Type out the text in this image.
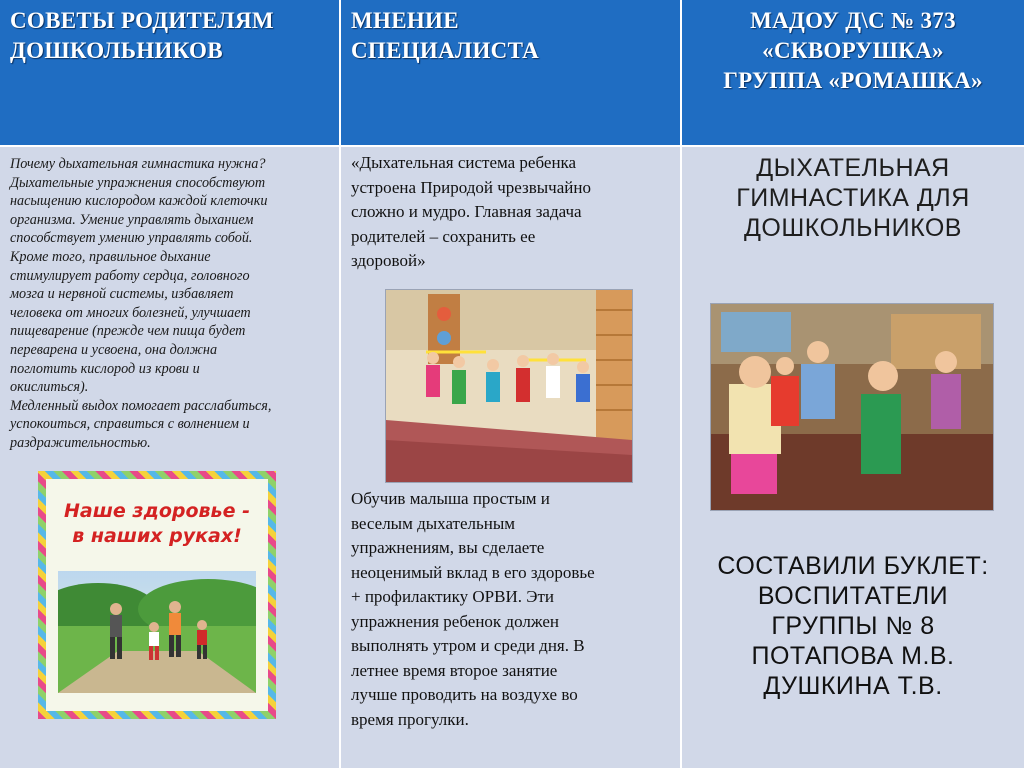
СОВЕТЫ РОДИТЕЛЯМ
ДОШКОЛЬНИКОВ
МНЕНИЕ
СПЕЦИАЛИСТА
МАДОУ Д\С № 373
«СКВОРУШКА»
ГРУППА «РОМАШКА»
Почему дыхательная гимнастика нужна?
Дыхательные упражнения способствуют
насыщению кислородом каждой клеточки
организма. Умение управлять дыханием
способствует умению управлять собой.
Кроме того, правильное дыхание
стимулирует работу сердца, головного
мозга и нервной системы, избавляет
человека от многих болезней, улучшает
пищеварение (прежде чем пища будет
переварена и усвоена, она должна
поглотить кислород из крови и
окислиться).
Медленный выдох помогает расслабиться,
успокоиться, справиться с волнением и
раздражительностью.
Наше здоровье -
в наших руках!
«Дыхательная система ребенка
устроена Природой чрезвычайно
сложно и мудро. Главная задача
родителей – сохранить ее
здоровой»
Обучив малыша простым и
веселым дыхательным
упражнениям, вы сделаете
неоценимый вклад в его здоровье
+ профилактику ОРВИ. Эти
упражнения ребенок должен
выполнять утром и среди дня. В
летнее время второе занятие
лучше проводить на воздухе во
время прогулки.
ДЫХАТЕЛЬНАЯ
ГИМНАСТИКА ДЛЯ
ДОШКОЛЬНИКОВ
СОСТАВИЛИ БУКЛЕТ:
ВОСПИТАТЕЛИ
ГРУППЫ № 8
ПОТАПОВА М.В.
ДУШКИНА Т.В.
